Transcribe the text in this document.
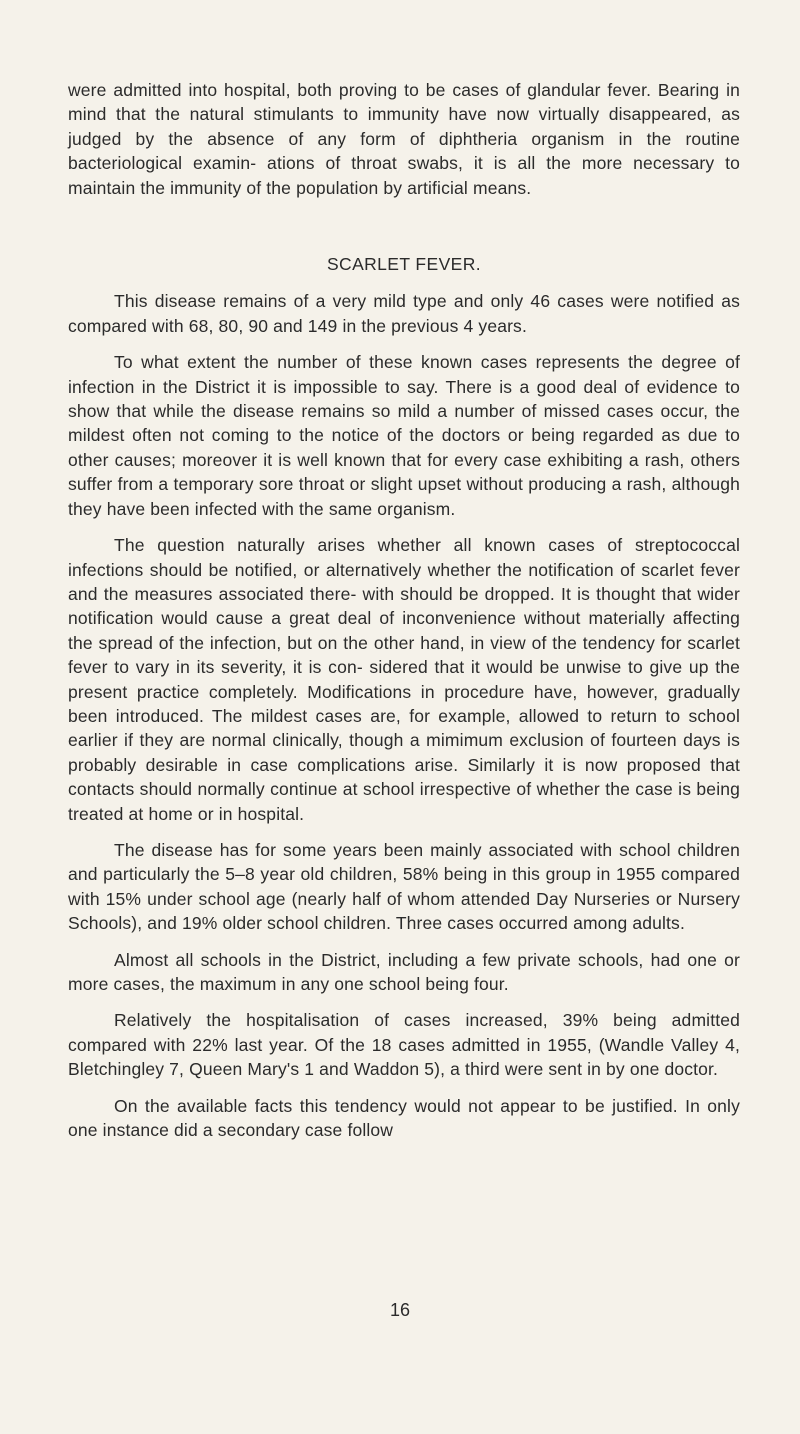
were admitted into hospital, both proving to be cases of glandular fever. Bearing in mind that the natural stimulants to immunity have now virtually disappeared, as judged by the absence of any form of diphtheria organism in the routine bacteriological examin- ations of throat swabs, it is all the more necessary to maintain the immunity of the population by artificial means.

SCARLET FEVER.

This disease remains of a very mild type and only 46 cases were notified as compared with 68, 80, 90 and 149 in the previous 4 years.

To what extent the number of these known cases represents the degree of infection in the District it is impossible to say. There is a good deal of evidence to show that while the disease remains so mild a number of missed cases occur, the mildest often not coming to the notice of the doctors or being regarded as due to other causes; moreover it is well known that for every case exhibiting a rash, others suffer from a temporary sore throat or slight upset without producing a rash, although they have been infected with the same organism.

The question naturally arises whether all known cases of streptococcal infections should be notified, or alternatively whether the notification of scarlet fever and the measures associated there- with should be dropped. It is thought that wider notification would cause a great deal of inconvenience without materially affecting the spread of the infection, but on the other hand, in view of the tendency for scarlet fever to vary in its severity, it is con- sidered that it would be unwise to give up the present practice completely. Modifications in procedure have, however, gradually been introduced. The mildest cases are, for example, allowed to return to school earlier if they are normal clinically, though a mimimum exclusion of fourteen days is probably desirable in case complications arise. Similarly it is now proposed that contacts should normally continue at school irrespective of whether the case is being treated at home or in hospital.

The disease has for some years been mainly associated with school children and particularly the 5–8 year old children, 58% being in this group in 1955 compared with 15% under school age (nearly half of whom attended Day Nurseries or Nursery Schools), and 19% older school children. Three cases occurred among adults.

Almost all schools in the District, including a few private schools, had one or more cases, the maximum in any one school being four.

Relatively the hospitalisation of cases increased, 39% being admitted compared with 22% last year. Of the 18 cases admitted in 1955, (Wandle Valley 4, Bletchingley 7, Queen Mary's 1 and Waddon 5), a third were sent in by one doctor.

On the available facts this tendency would not appear to be justified. In only one instance did a secondary case follow

16
